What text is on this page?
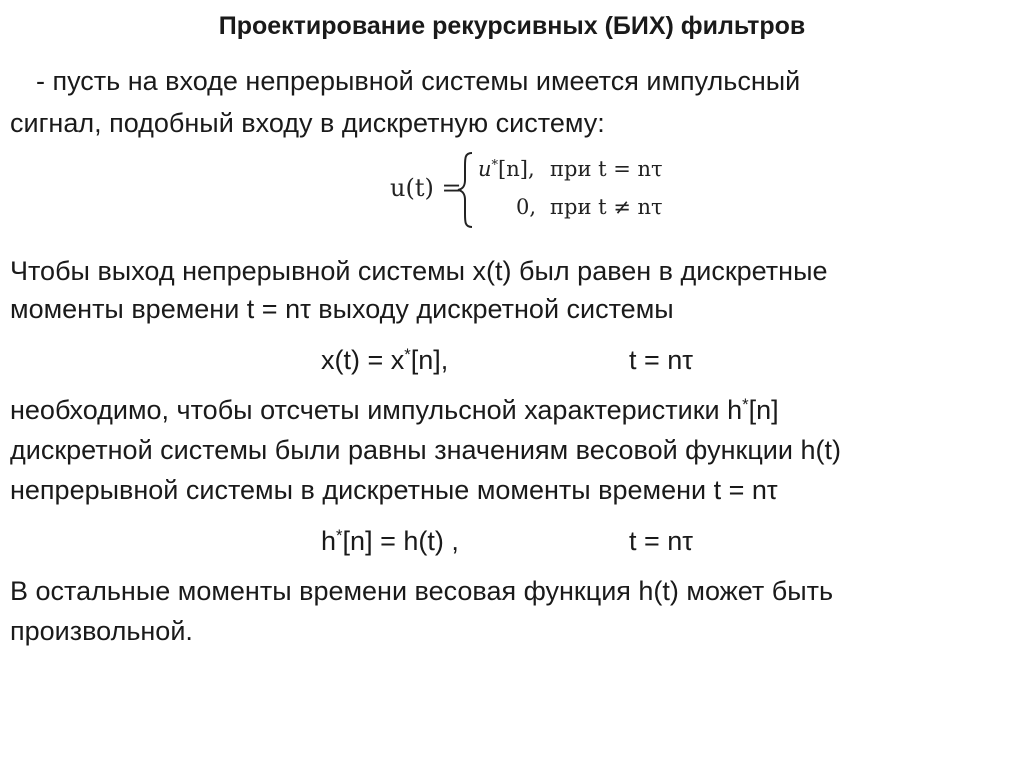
Проектирование рекурсивных (БИХ) фильтров
- пусть на входе непрерывной системы имеется импульсный
сигнал, подобный входу в дискретную систему:
u(t) =
u*[n], при t = nτ
0, при t ≠ nτ
Чтобы выход непрерывной системы x(t) был равен в дискретные
моменты времени t = nτ выходу дискретной системы
x(t) = x*[n],	t = nτ
необходимо, чтобы отсчеты импульсной характеристики h*[n]
дискретной системы были равны значениям весовой функции h(t)
непрерывной системы в дискретные моменты времени t = nτ
h*[n] = h(t) ,	t = nτ
В остальные моменты времени весовая функция h(t) может быть
произвольной.
